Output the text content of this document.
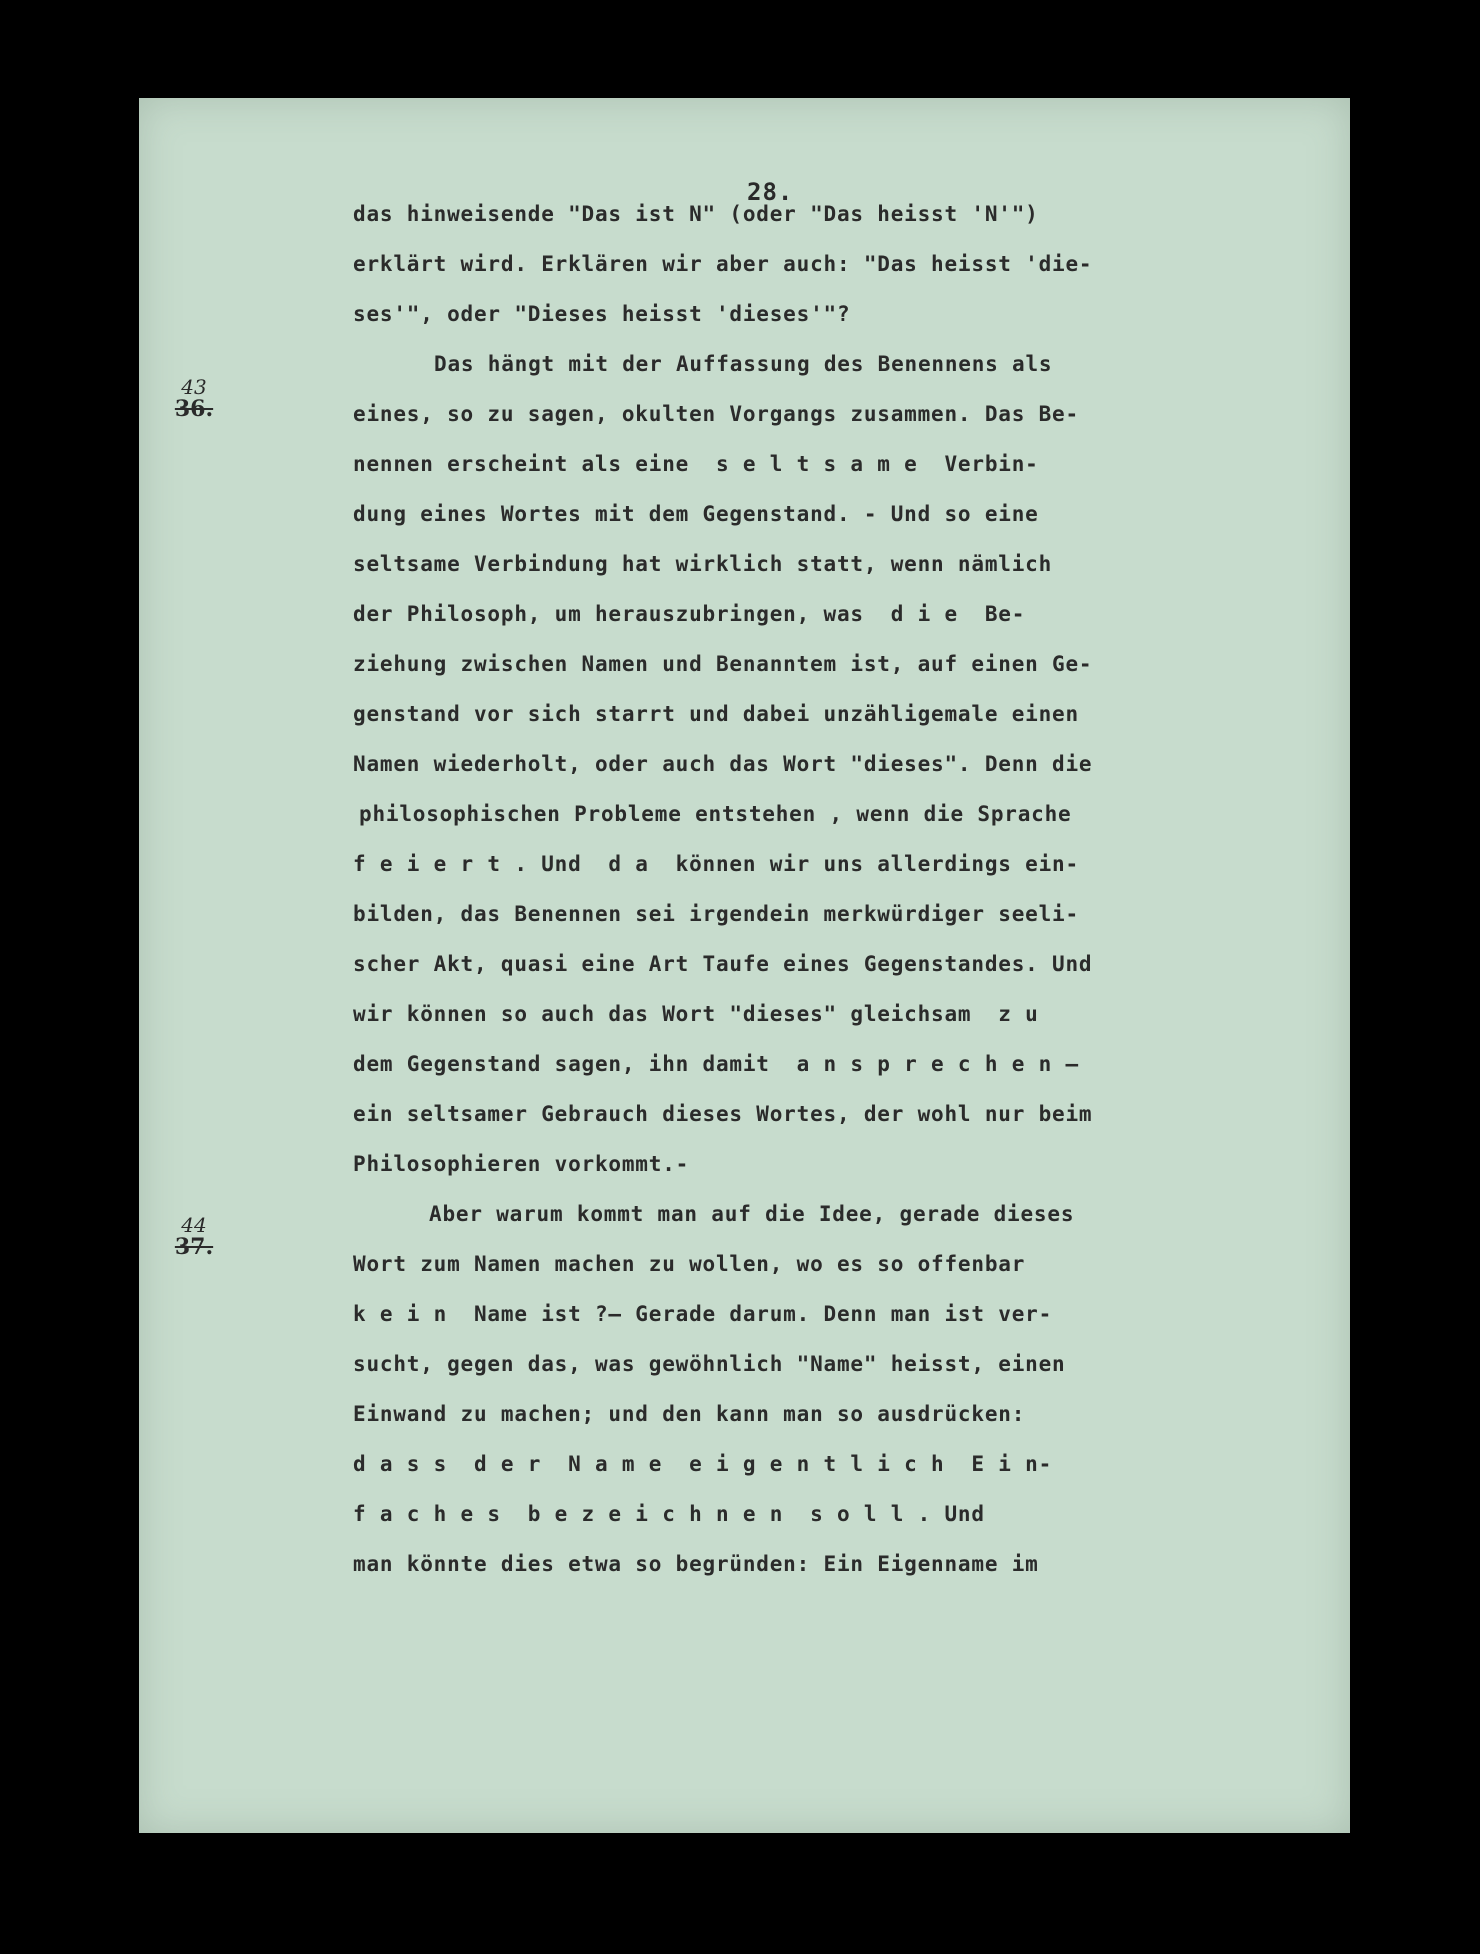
28.
43
36.
44
37.
das hinweisende "Das ist N" (oder "Das heisst 'N'")
erklärt wird. Erklären wir aber auch: "Das heisst 'die-
ses'", oder "Dieses heisst 'dieses'"?
Das hängt mit der Auffassung des Benennens als
eines, so zu sagen, okulten Vorgangs zusammen. Das Be-
nennen erscheint als eine  s e l t s a m e  Verbin-
dung eines Wortes mit dem Gegenstand. - Und so eine
seltsame Verbindung hat wirklich statt, wenn nämlich
der Philosoph, um herauszubringen, was  d i e  Be-
ziehung zwischen Namen und Benanntem ist, auf einen Ge-
genstand vor sich starrt und dabei unzähligemale einen
Namen wiederholt, oder auch das Wort "dieses". Denn die
philosophischen Probleme entstehen , wenn die Sprache
f e i e r t . Und  d a  können wir uns allerdings ein-
bilden, das Benennen sei irgendein merkwürdiger seeli-
scher Akt, quasi eine Art Taufe eines Gegenstandes. Und
wir können so auch das Wort "dieses" gleichsam  z u
dem Gegenstand sagen, ihn damit  a n s p r e c h e n —
ein seltsamer Gebrauch dieses Wortes, der wohl nur beim
Philosophieren vorkommt.-
Aber warum kommt man auf die Idee, gerade dieses
Wort zum Namen machen zu wollen, wo es so offenbar
k e i n  Name ist ?— Gerade darum. Denn man ist ver-
sucht, gegen das, was gewöhnlich "Name" heisst, einen
Einwand zu machen; und den kann man so ausdrücken:
d a s s  d e r  N a m e  e i g e n t l i c h  E i n-
f a c h e s  b e z e i c h n e n  s o l l . Und
man könnte dies etwa so begründen: Ein Eigenname im
